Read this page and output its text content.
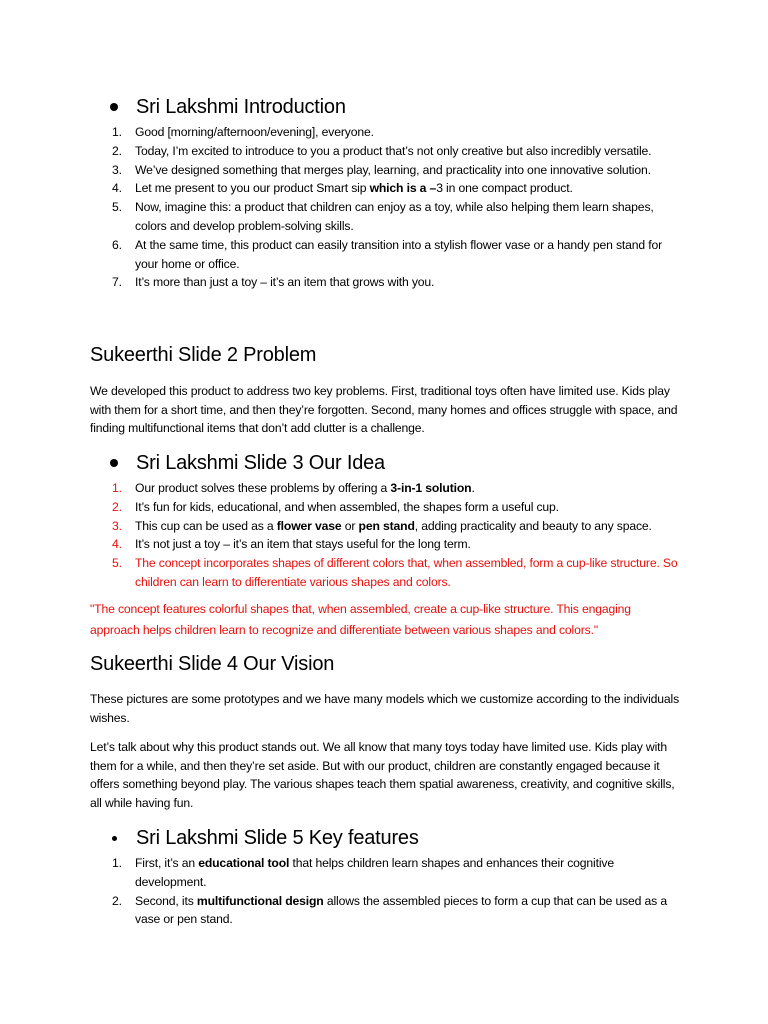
Sri Lakshmi Introduction
1. Good [morning/afternoon/evening], everyone.
2. Today, I’m excited to introduce to you a product that’s not only creative but also incredibly versatile.
3. We’ve designed something that merges play, learning, and practicality into one innovative solution.
4. Let me present to you our product Smart sip which is a –3 in one compact product.
5. Now, imagine this: a product that children can enjoy as a toy, while also helping them learn shapes, colors and develop problem-solving skills.
6. At the same time, this product can easily transition into a stylish flower vase or a handy pen stand for your home or office.
7. It’s more than just a toy – it’s an item that grows with you.
Sukeerthi Slide 2 Problem

We developed this product to address two key problems. First, traditional toys often have limited use. Kids play with them for a short time, and then they’re forgotten. Second, many homes and offices struggle with space, and finding multifunctional items that don’t add clutter is a challenge.

Sri Lakshmi Slide 3 Our Idea
1. Our product solves these problems by offering a 3-in-1 solution.
2. It’s fun for kids, educational, and when assembled, the shapes form a useful cup.
3. This cup can be used as a flower vase or pen stand, adding practicality and beauty to any space.
4. It’s not just a toy – it’s an item that stays useful for the long term.
5. The concept incorporates shapes of different colors that, when assembled, form a cup-like structure. So children can learn to differentiate various shapes and colors.

"The concept features colorful shapes that, when assembled, create a cup-like structure. This engaging approach helps children learn to recognize and differentiate between various shapes and colors."

Sukeerthi Slide 4 Our Vision

These pictures are some prototypes and we have many models which we customize according to the individuals wishes.

Let’s talk about why this product stands out. We all know that many toys today have limited use. Kids play with them for a while, and then they’re set aside. But with our product, children are constantly engaged because it offers something beyond play. The various shapes teach them spatial awareness, creativity, and cognitive skills, all while having fun.

Sri Lakshmi Slide 5 Key features
1. First, it’s an educational tool that helps children learn shapes and enhances their cognitive development.
2. Second, its multifunctional design allows the assembled pieces to form a cup that can be used as a vase or pen stand.
